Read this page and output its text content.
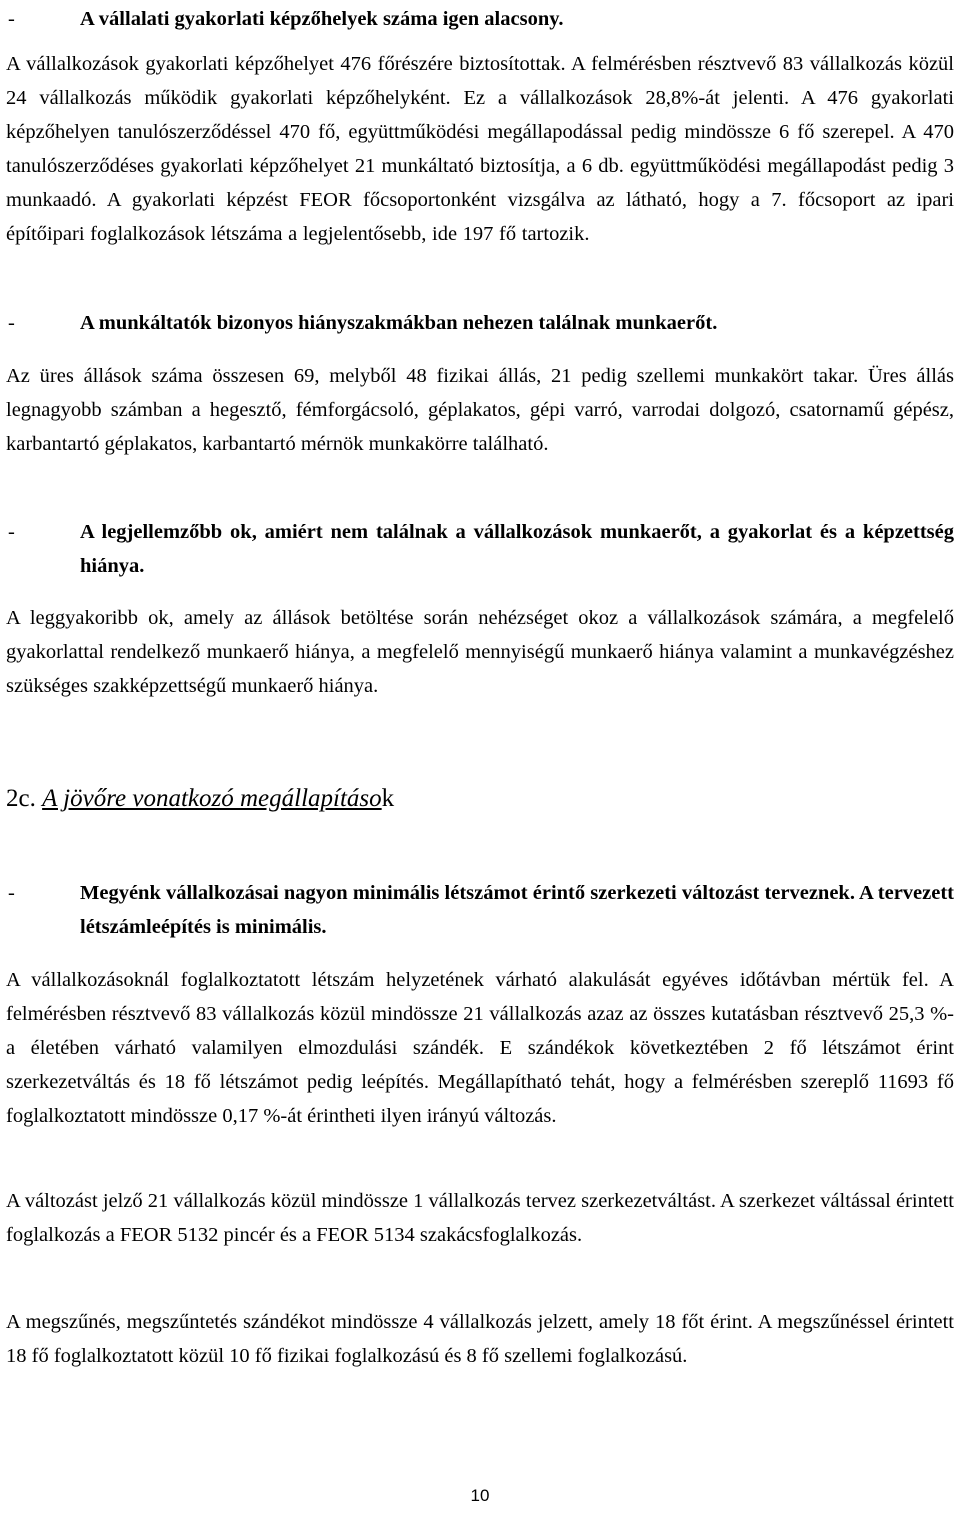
-	A vállalati gyakorlati képzőhelyek száma igen alacsony.
A vállalkozások gyakorlati képzőhelyet 476 főrészére biztosítottak. A felmérésben résztvevő 83 vállalkozás közül 24 vállalkozás működik gyakorlati képzőhelyként. Ez a vállalkozások 28,8%-át jelenti. A 476 gyakorlati képzőhelyen tanulószerződéssel 470 fő, együttműködési megállapodással pedig mindössze 6 fő szerepel. A 470 tanulószerződéses gyakorlati képzőhelyet 21 munkáltató biztosítja, a 6 db. együttműködési megállapodást pedig 3 munkaadó. A gyakorlati képzést FEOR főcsoportonként vizsgálva az látható, hogy a 7. főcsoport az ipari építőipari foglalkozások létszáma a legjelentősebb, ide 197 fő tartozik.
-	A munkáltatók bizonyos hiányszakmákban nehezen találnak munkaerőt.
Az üres állások száma összesen 69, melyből 48 fizikai állás, 21 pedig szellemi munkakört takar. Üres állás legnagyobb számban a hegesztő, fémforgácsoló, géplakatos, gépi varró, varrodai dolgozó, csatornamű gépész, karbantartó géplakatos, karbantartó mérnök munkakörre található.
-	A legjellemzőbb ok, amiért nem találnak a vállalkozások munkaerőt, a gyakorlat és a képzettség hiánya.
A leggyakoribb ok, amely az állások betöltése során nehézséget okoz a vállalkozások számára, a megfelelő gyakorlattal rendelkező munkaerő hiánya, a megfelelő mennyiségű munkaerő hiánya valamint a munkavégzéshez szükséges szakképzettségű munkaerő hiánya.
2c. A jövőre vonatkozó megállapítások
-	Megyénk vállalkozásai nagyon minimális létszámot érintő szerkezeti változást terveznek. A tervezett létszámleépítés is minimális.
A vállalkozásoknál foglalkoztatott létszám helyzetének várható alakulását egyéves időtávban mértük fel. A felmérésben résztvevő 83 vállalkozás közül mindössze 21 vállalkozás azaz az összes kutatásban résztvevő 25,3 %-a életében várható valamilyen elmozdulási szándék. E szándékok következtében 2 fő létszámot érint szerkezetváltás és 18 fő létszámot pedig leépítés. Megállapítható tehát, hogy a felmérésben szereplő 11693 fő foglalkoztatott mindössze 0,17 %-át érintheti ilyen irányú változás.
A változást jelző 21 vállalkozás közül mindössze 1 vállalkozás tervez szerkezetváltást. A szerkezet váltással érintett foglalkozás a FEOR 5132 pincér és a FEOR 5134 szakácsfoglalkozás.
A megszűnés, megszűntetés szándékot mindössze 4 vállalkozás jelzett, amely 18 főt érint. A megszűnéssel érintett 18 fő foglalkoztatott közül 10 fő fizikai foglalkozású és 8 fő szellemi foglalkozású.
10
